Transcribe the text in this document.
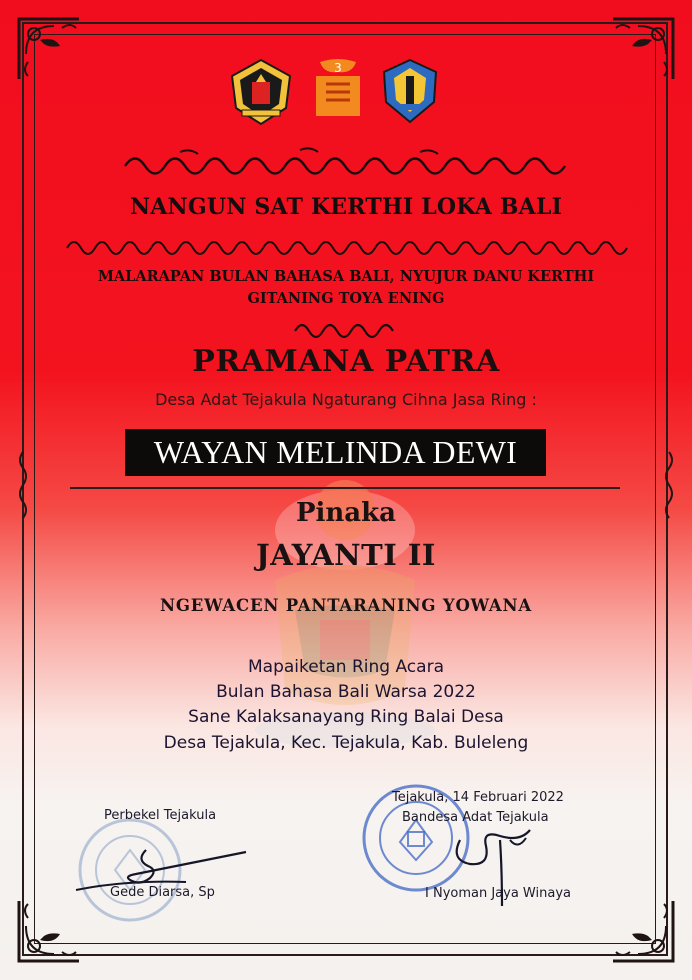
3
NANGUN SAT KERTHI LOKA BALI
MALARAPAN BULAN BAHASA BALI, NYUJUR DANU KERTHI
GITANING TOYA ENING
PRAMANA PATRA
Desa Adat Tejakula Ngaturang Cihna Jasa Ring :
WAYAN MELINDA DEWI
Pinaka
JAYANTI II
NGEWACEN PANTARANING YOWANA
Mapaiketan Ring Acara
Bulan Bahasa Bali Warsa 2022
Sane Kalaksanayang Ring Balai Desa
Desa Tejakula, Kec. Tejakula, Kab. Buleleng
Perbekel Tejakula
Gede Diarsa, Sp
Tejakula, 14 Februari 2022
Bandesa Adat Tejakula
I Nyoman Jaya Winaya
